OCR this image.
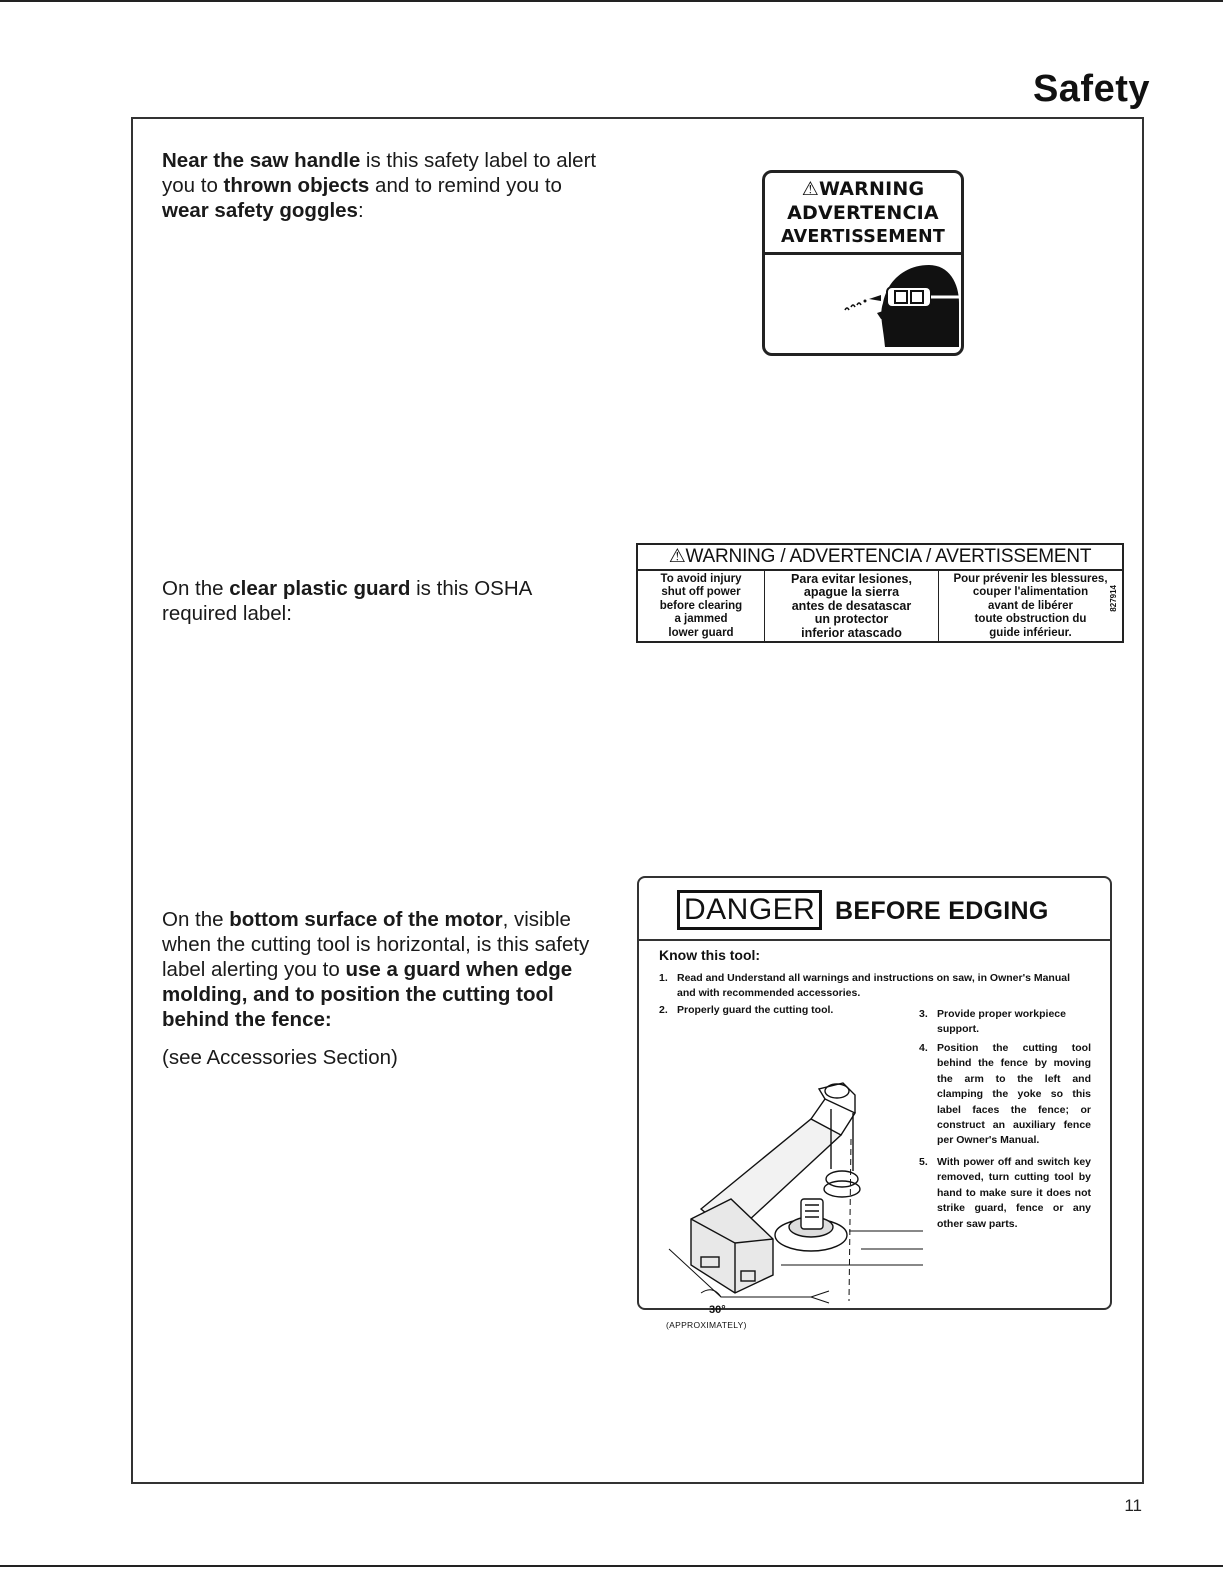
Safety
Near the saw handle is this safety label to alert you to thrown objects and to remind you to wear safety goggles:
⚠WARNING
ADVERTENCIA
AVERTISSEMENT
On the clear plastic guard is this OSHA required label:
⚠WARNING / ADVERTENCIA / AVERTISSEMENT
To avoid injury
shut off power
before clearing
a jammed
lower guard
Para evitar lesiones,
apague la sierra
antes de desatascar
un protector
inferior atascado
Pour prévenir les blessures,
couper l'alimentation
avant de libérer
toute obstruction du
guide inférieur.
827914
On the bottom surface of the motor, visible when the cutting tool is horizontal, is this safety label alerting you to use a guard when edge molding, and to position the cutting tool behind the fence:
(see Accessories Section)
DANGER BEFORE EDGING
Know this tool:
1. Read and Understand all warnings and instructions on saw, in Owner's Manual and with recommended accessories.
2. Properly guard the cutting tool.	3. Provide proper workpiece support.
4. Position the cutting tool behind the fence by moving the arm to the left and clamping the yoke so this label faces the fence; or construct an auxiliary fence per Owner's Manual.
5. With power off and switch key removed, turn cutting tool by hand to make sure it does not strike guard, fence or any other saw parts.
30°
(APPROXIMATELY)
11
